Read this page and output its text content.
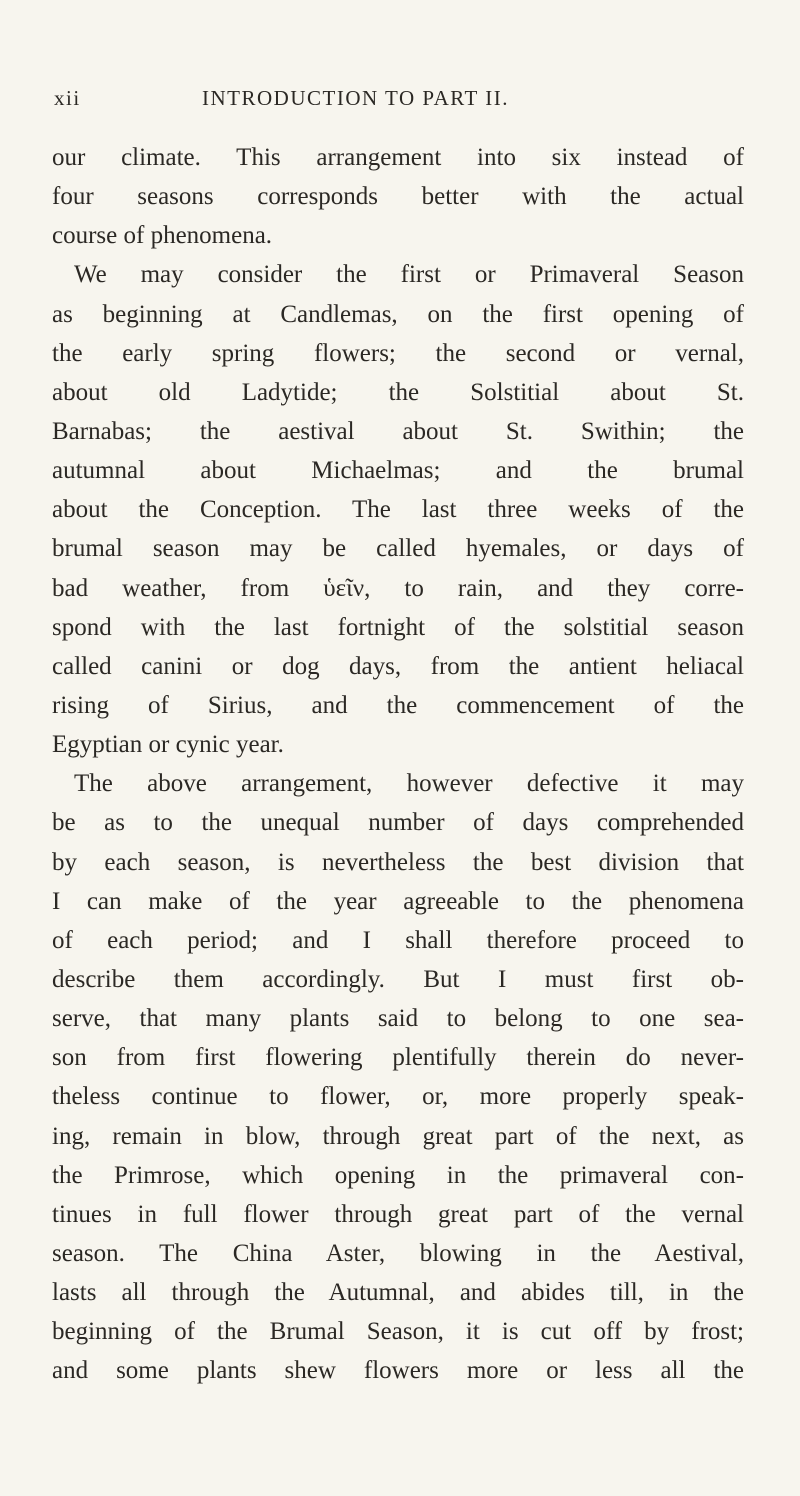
xii	INTRODUCTION TO PART II.
our climate. This arrangement into six instead of
four seasons corresponds better with the actual
course of phenomena.
We may consider the first or Primaveral Season
as beginning at Candlemas, on the first opening of
the early spring flowers; the second or vernal,
about old Ladytide; the Solstitial about St.
Barnabas; the aestival about St. Swithin; the
autumnal about Michaelmas; and the brumal
about the Conception. The last three weeks of the
brumal season may be called hyemales, or days of
bad weather, from ὑεῖν, to rain, and they corre-
spond with the last fortnight of the solstitial season
called canini or dog days, from the antient heliacal
rising of Sirius, and the commencement of the
Egyptian or cynic year.
The above arrangement, however defective it may
be as to the unequal number of days comprehended
by each season, is nevertheless the best division that
I can make of the year agreeable to the phenomena
of each period; and I shall therefore proceed to
describe them accordingly. But I must first ob-
serve, that many plants said to belong to one sea-
son from first flowering plentifully therein do never-
theless continue to flower, or, more properly speak-
ing, remain in blow, through great part of the next, as
the Primrose, which opening in the primaveral con-
tinues in full flower through great part of the vernal
season. The China Aster, blowing in the Aestival,
lasts all through the Autumnal, and abides till, in the
beginning of the Brumal Season, it is cut off by frost;
and some plants shew flowers more or less all the
